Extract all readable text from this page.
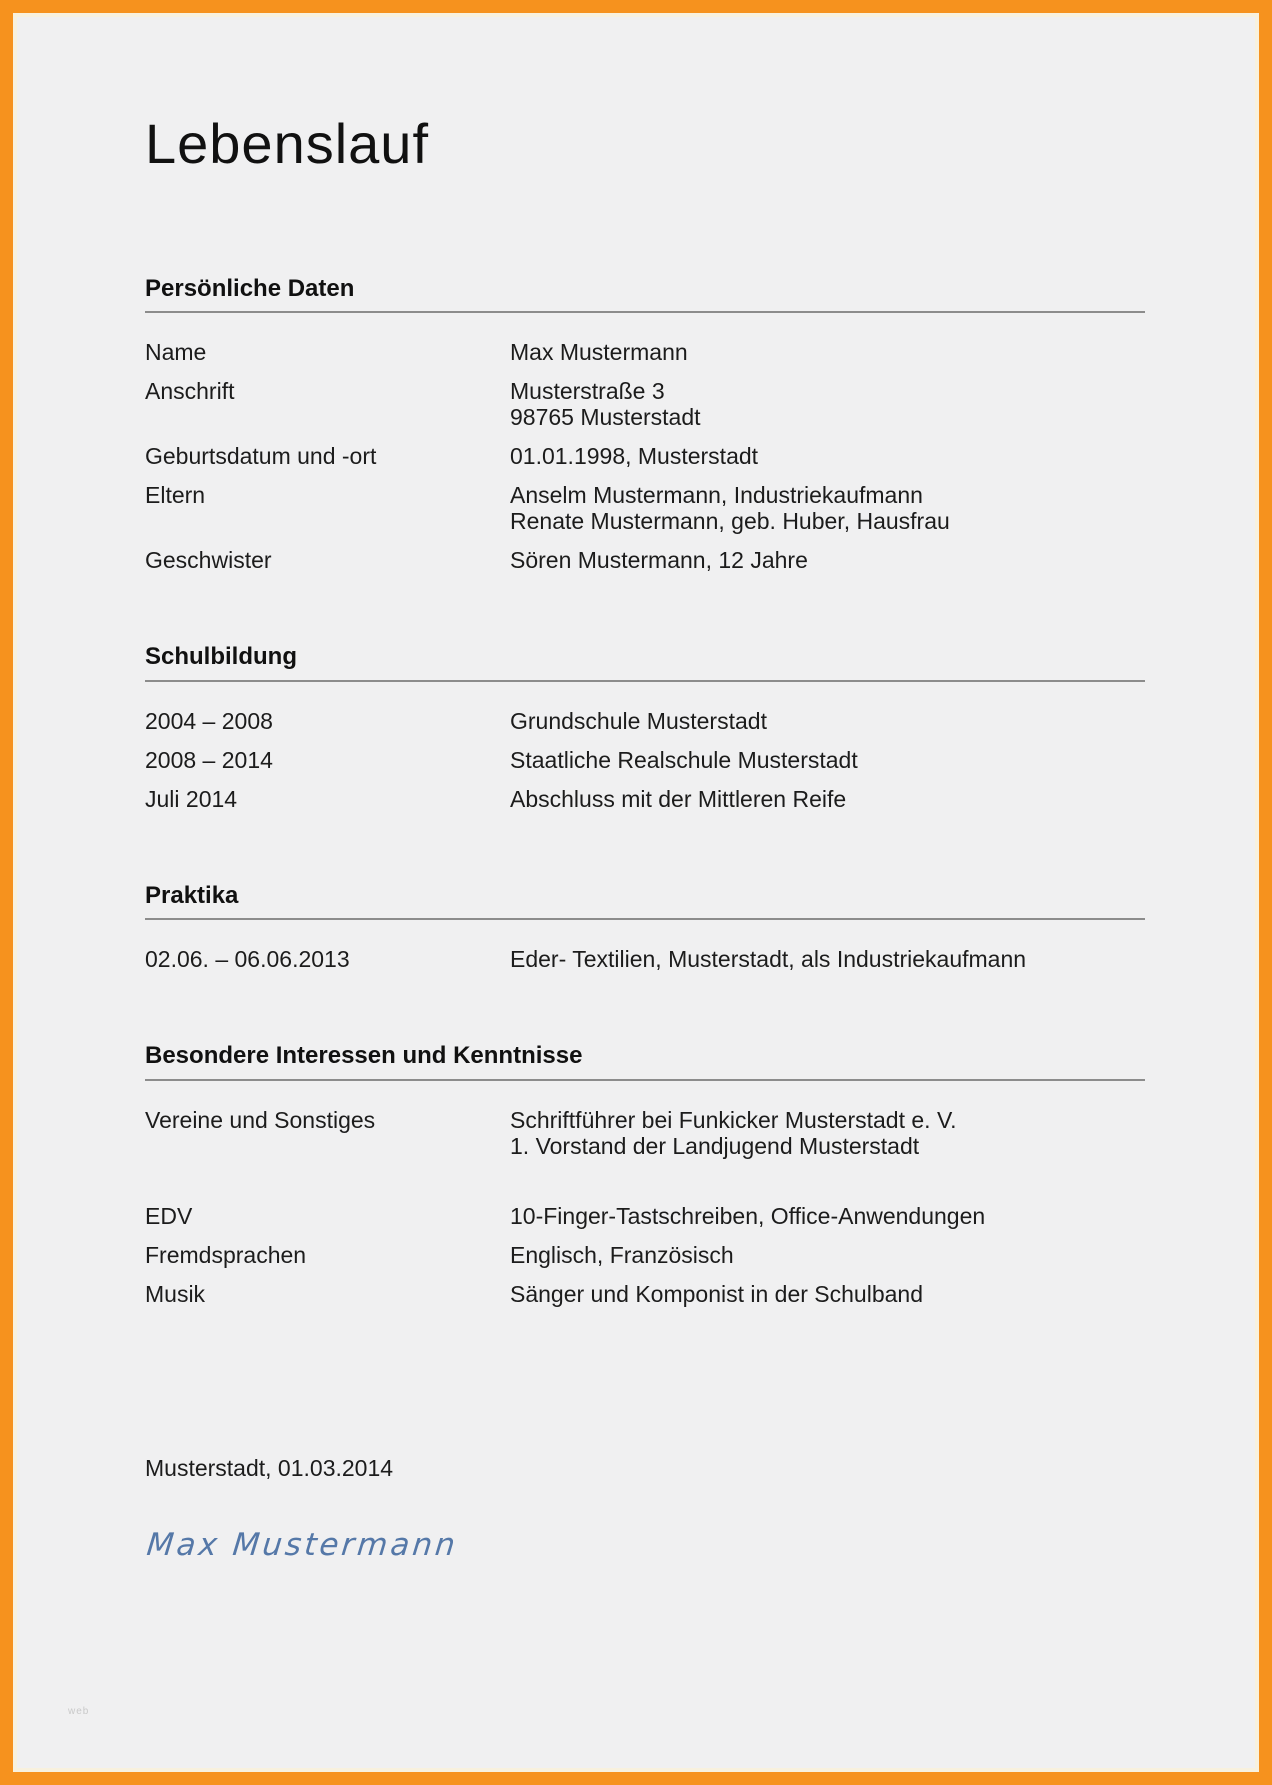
Lebenslauf
Persönliche Daten
Name	Max Mustermann
Anschrift	Musterstraße 3
98765 Musterstadt
Geburtsdatum und -ort	01.01.1998, Musterstadt
Eltern	Anselm Mustermann, Industriekaufmann
Renate Mustermann, geb. Huber, Hausfrau
Geschwister	Sören Mustermann, 12 Jahre
Schulbildung
2004 – 2008	Grundschule Musterstadt
2008 – 2014	Staatliche Realschule Musterstadt
Juli 2014	Abschluss mit der Mittleren Reife
Praktika
02.06. – 06.06.2013	Eder- Textilien, Musterstadt, als Industriekaufmann
Besondere Interessen und Kenntnisse
Vereine und Sonstiges	Schriftführer bei Funkicker Musterstadt e. V.
1. Vorstand der Landjugend Musterstadt
EDV	10-Finger-Tastschreiben, Office-Anwendungen
Fremdsprachen	Englisch, Französisch
Musik	Sänger und Komponist in der Schulband
Musterstadt, 01.03.2014
Max Mustermann
web
